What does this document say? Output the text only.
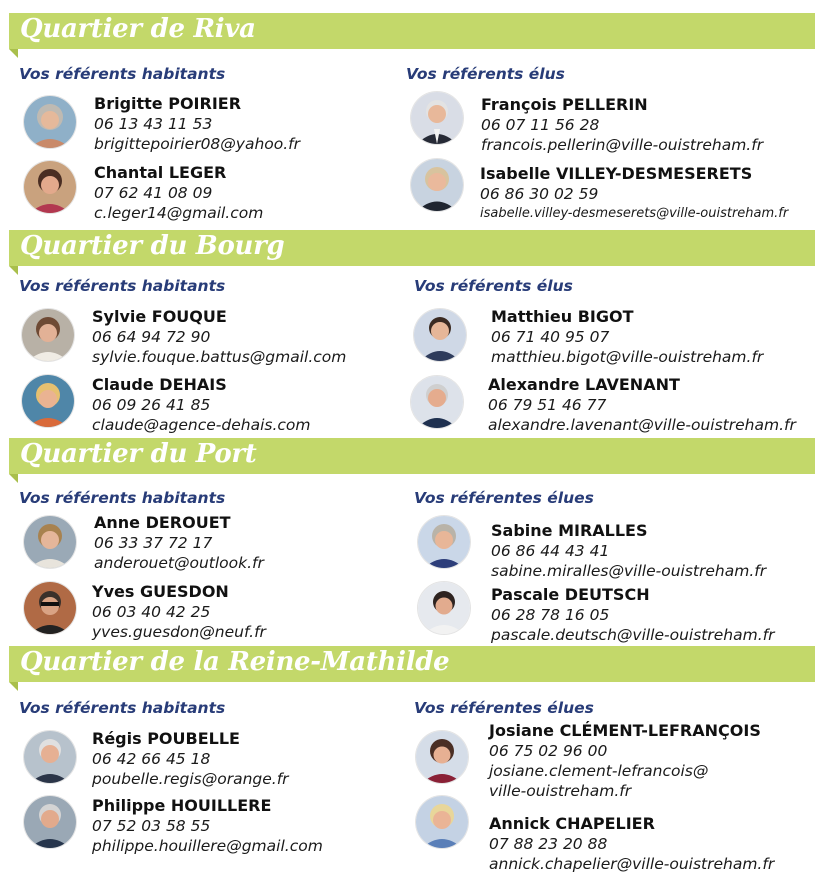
Quartier de Riva
Vos référents habitants	Vos référents élus
Brigitte POIRIER
06 13 43 11 53
brigittepoirier08@yahoo.fr
Chantal LEGER
07 62 41 08 09
c.leger14@gmail.com
François PELLERIN
06 07 11 56 28
francois.pellerin@ville-ouistreham.fr
Isabelle VILLEY-DESMESERETS
06 86 30 02 59
isabelle.villey-desmeserets@ville-ouistreham.fr
Quartier du Bourg
Vos référents habitants	Vos référents élus
Sylvie FOUQUE
06 64 94 72 90
sylvie.fouque.battus@gmail.com
Claude DEHAIS
06 09 26 41 85
claude@agence-dehais.com
Matthieu BIGOT
06 71 40 95 07
matthieu.bigot@ville-ouistreham.fr
Alexandre LAVENANT
06 79 51 46 77
alexandre.lavenant@ville-ouistreham.fr
Quartier du Port
Vos référents habitants	Vos référentes élues
Anne DEROUET
06 33 37 72 17
anderouet@outlook.fr
Yves GUESDON
06 03 40 42 25
yves.guesdon@neuf.fr
Sabine MIRALLES
06 86 44 43 41
sabine.miralles@ville-ouistreham.fr
Pascale DEUTSCH
06 28 78 16 05
pascale.deutsch@ville-ouistreham.fr
Quartier de la Reine-Mathilde
Vos référents habitants	Vos référentes élues
Régis POUBELLE
06 42 66 45 18
poubelle.regis@orange.fr
Philippe HOUILLERE
07 52 03 58 55
philippe.houillere@gmail.com
Josiane CLÉMENT-LEFRANÇOIS
06 75 02 96 00
josiane.clement-lefrancois@
ville-ouistreham.fr
Annick CHAPELIER
07 88 23 20 88
annick.chapelier@ville-ouistreham.fr
